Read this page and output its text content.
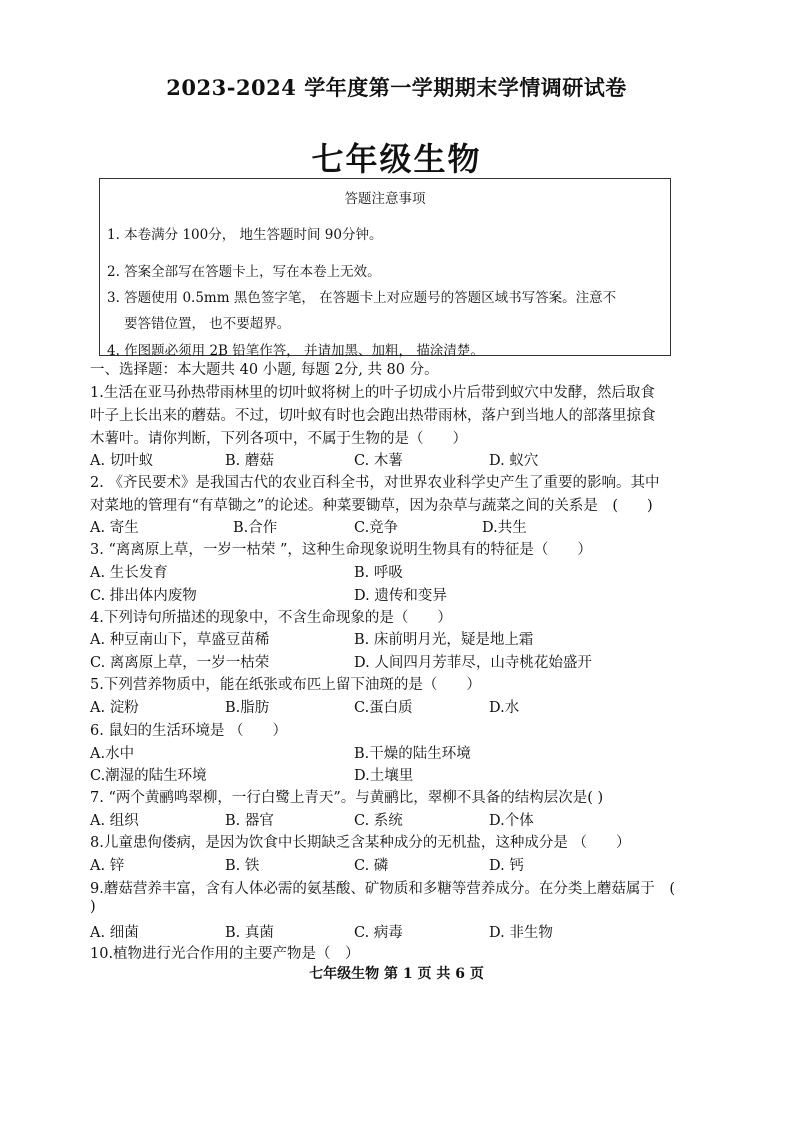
2023-2024 学年度第一学期期末学情调研试卷
七年级生物
答题注意事项
1. 本卷满分 100分， 地生答题时间 90分钟。
2. 答案全部写在答题卡上，写在本卷上无效。
3. 答题使用 0.5mm 黑色签字笔， 在答题卡上对应题号的答题区域书写答案。注意不
要答错位置， 也不要超界。
4. 作图题必须用 2B 铅笔作答， 并请加黑、加粗， 描涂清楚。
一、选择题：本大题共 40 小题, 每题 2分, 共 80 分。
1.生活在亚马孙热带雨林里的切叶蚁将树上的叶子切成小片后带到蚁穴中发酵，然后取食
叶子上长出来的蘑菇。不过，切叶蚁有时也会跑出热带雨林，落户到当地人的部落里掠食
木薯叶。请你判断，下列各项中，不属于生物的是（　　）
A. 切叶蚁	B. 蘑菇	C. 木薯	D. 蚁穴
2. 《齐民要术》是我国古代的农业百科全书，对世界农业科学史产生了重要的影响。其中
对菜地的管理有“有草锄之”的论述。种菜要锄草，因为杂草与蔬菜之间的关系是　(　　)
A. 寄生	B.合作	C.竞争	D.共生
3. “离离原上草，一岁一枯荣 ”，这种生命现象说明生物具有的特征是（　　）
A. 生长发育	B. 呼吸
C. 排出体内废物	D. 遗传和变异
4.下列诗句所描述的现象中，不含生命现象的是（　　）
A. 种豆南山下，草盛豆苗稀	B. 床前明月光，疑是地上霜
C. 离离原上草，一岁一枯荣	D. 人间四月芳菲尽，山寺桃花始盛开
5.下列营养物质中，能在纸张或布匹上留下油斑的是（　　）
A. 淀粉	B.脂肪	C.蛋白质	D.水
6. 鼠妇的生活环境是 （　　）
A.水中	B.干燥的陆生环境
C.潮湿的陆生环境	D.土壤里
7. “两个黄鹂鸣翠柳，一行白鹭上青天”。与黄鹂比，翠柳不具备的结构层次是( )
A. 组织	B. 器官	C. 系统	D.个体
8.儿童患佝偻病，是因为饮食中长期缺乏含某种成分的无机盐，这种成分是 （　　）
A. 锌	B. 铁	C. 磷	D. 钙
9.蘑菇营养丰富，含有人体必需的氨基酸、矿物质和多糖等营养成分。在分类上蘑菇属于　(
)
A. 细菌	B. 真菌	C. 病毒	D. 非生物
10.植物进行光合作用的主要产物是（　）
七年级生物 第 1 页 共 6 页
